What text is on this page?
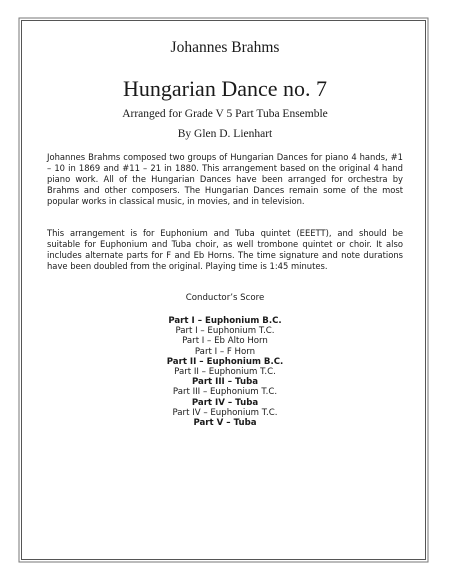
Johannes Brahms
Hungarian Dance no. 7
Arranged for Grade V 5 Part Tuba Ensemble
By Glen D. Lienhart

Johannes Brahms composed two groups of Hungarian Dances for piano 4 hands, #1 – 10 in 1869 and #11 – 21 in 1880. This arrangement based on the original 4 hand piano work. All of the Hungarian Dances have been arranged for orchestra by Brahms and other composers. The Hungarian Dances remain some of the most popular works in classical music, in movies, and in television.

This arrangement is for Euphonium and Tuba quintet (EEETT), and should be suitable for Euphonium and Tuba choir, as well trombone quintet or choir. It also includes alternate parts for F and Eb Horns. The time signature and note durations have been doubled from the original. Playing time is 1:45 minutes.

Conductor’s Score
Part I – Euphonium B.C.
Part I – Euphonium T.C.
Part I – Eb Alto Horn
Part I – F Horn
Part II – Euphonium B.C.
Part II – Euphonium T.C.
Part III – Tuba
Part III – Euphonium T.C.
Part IV – Tuba
Part IV – Euphonium T.C.
Part V – Tuba
